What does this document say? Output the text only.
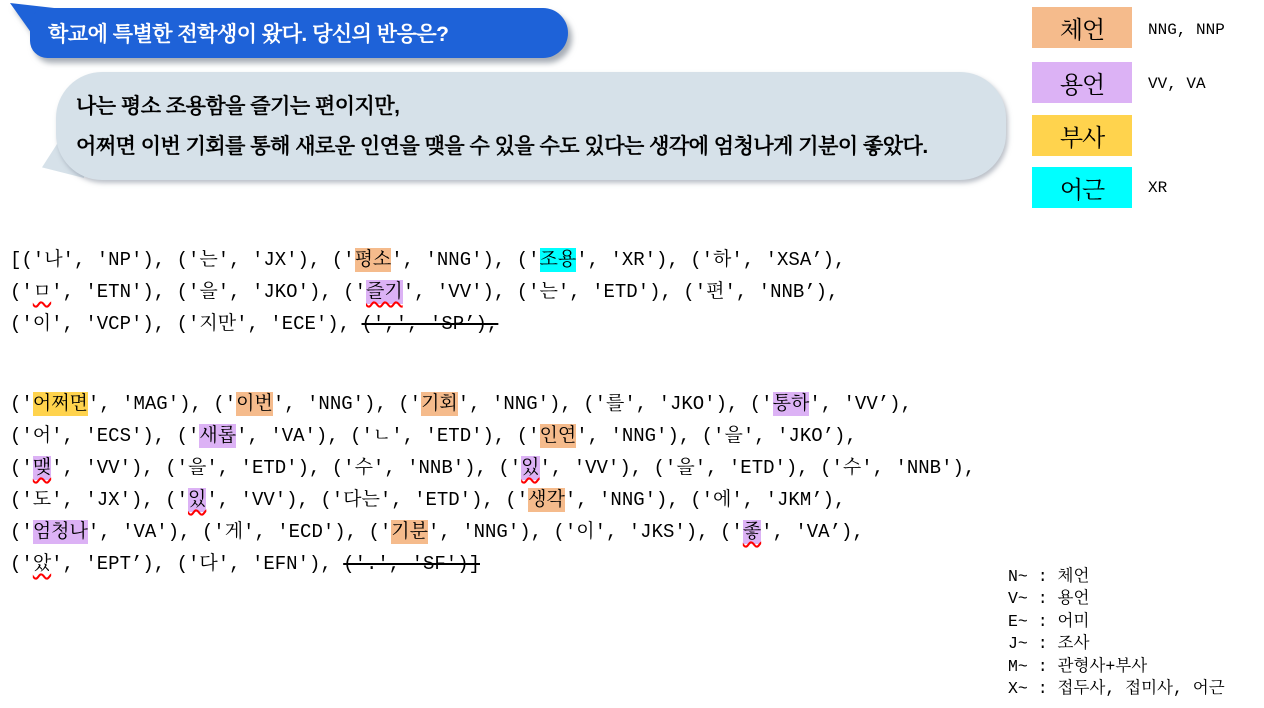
학교에 특별한 전학생이 왔다. 당신의 반응은?
나는 평소 조용함을 즐기는 편이지만,
어쩌면 이번 기회를 통해 새로운 인연을 맺을 수 있을 수도 있다는 생각에 엄청나게 기분이 좋았다.
체언	NNG, NNP
용언	VV, VA
부사
어근	XR
[('나', 'NP'), ('는', 'JX'), ('평소', 'NNG'), ('조용', 'XR'), ('하', 'XSA’),
('ㅁ', 'ETN'), ('을', 'JKO'), ('즐기', 'VV'), ('는', 'ETD'), ('편', 'NNB’),
('이', 'VCP'), ('지만', 'ECE'), (',', 'SP’),
('어쩌면', 'MAG'), ('이번', 'NNG'), ('기회', 'NNG'), ('를', 'JKO'), ('통하', 'VV’),
('어', 'ECS'), ('새롭', 'VA'), ('ㄴ', 'ETD'), ('인연', 'NNG'), ('을', 'JKO’),
('맺', 'VV'), ('을', 'ETD'), ('수', 'NNB'), ('있', 'VV'), ('을', 'ETD'), ('수', 'NNB'),
('도', 'JX'), ('있', 'VV'), ('다는', 'ETD'), ('생각', 'NNG'), ('에', 'JKM’),
('엄청나', 'VA'), ('게', 'ECD'), ('기분', 'NNG'), ('이', 'JKS'), ('좋', 'VA’),
('았', 'EPT’), ('다', 'EFN'), ('.', 'SF')]
N~ : 체언
V~ : 용언
E~ : 어미
J~ : 조사
M~ : 관형사+부사
X~ : 접두사, 접미사, 어근
